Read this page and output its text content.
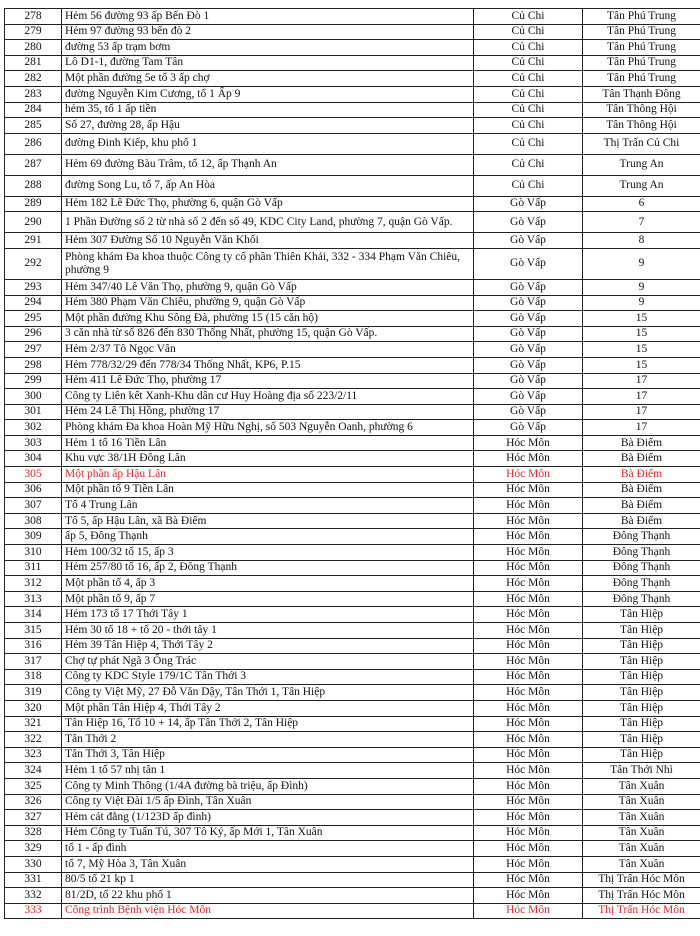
278	Hẻm 56 đường 93 ấp Bến Đò 1	Củ Chi	Tân Phú Trung
279	Hẻm 97 đường 93 bến đò 2	Củ Chi	Tân Phú Trung
280	đường 53 ấp trạm bơm	Củ Chi	Tân Phú Trung
281	Lô D1-1, đường Tam Tân	Củ Chi	Tân Phú Trung
282	Một phần đường 5e tổ 3 ấp chợ	Củ Chi	Tân Phú Trung
283	đường Nguyễn Kim Cương, tổ 1 Ấp 9	Củ Chi	Tân Thạnh Đông
284	hẻm 35, tổ 1 ấp tiền	Củ Chi	Tân Thông Hội
285	Số 27, đường 28, ấp Hậu	Củ Chi	Tân Thông Hội
286	đường Đinh Kiếp, khu phố 1	Củ Chi	Thị Trấn Củ Chi
287	Hẻm 69 đường Bàu Trâm, tổ 12, ấp Thạnh An	Củ Chi	Trung An
288	đường Song Lu, tổ 7, ấp An Hòa	Củ Chi	Trung An
289	Hẻm 182 Lê Đức Thọ, phường 6, quận Gò Vấp	Gò Vấp	6
290	1 Phần Đường số 2 từ nhà số 2 đến số 49, KDC City Land, phường 7, quận Gò Vấp.	Gò Vấp	7
291	Hẻm 307 Đường Số 10 Nguyễn Văn Khối	Gò Vấp	8
292	Phòng khám Đa khoa thuộc Công ty cổ phần Thiên Khải, 332 - 334 Phạm Văn Chiêu, phường 9	Gò Vấp	9
293	Hẻm 347/40 Lê Văn Thọ, phường 9, quận Gò Vấp	Gò Vấp	9
294	Hẻm 380 Phạm Văn Chiêu, phường 9, quận Gò Vấp	Gò Vấp	9
295	Một phần đường Khu Sông Đà, phường 15 (15 căn hộ)	Gò Vấp	15
296	3 căn nhà từ số 826 đến 830 Thống Nhất, phường 15, quận Gò Vấp.	Gò Vấp	15
297	Hẻm 2/37 Tô Ngọc Vân	Gò Vấp	15
298	Hẻm 778/32/29 đến 778/34 Thống Nhất, KP6, P.15	Gò Vấp	15
299	Hẻm 411 Lê Đức Thọ, phường 17	Gò Vấp	17
300	Công ty Liên kết Xanh-Khu dân cư Huy Hoàng địa số 223/2/11	Gò Vấp	17
301	Hẻm 24 Lê Thị Hồng, phường 17	Gò Vấp	17
302	Phòng khám Đa khoa Hoàn Mỹ Hữu Nghị, số 503 Nguyễn Oanh, phường 6	Gò Vấp	17
303	Hẻm 1 tổ 16 Tiền Lân	Hóc Môn	Bà Điểm
304	Khu vực 38/1H Đông Lân	Hóc Môn	Bà Điểm
305	Một phần ấp Hậu Lân	Hóc Môn	Bà Điểm
306	Một phần tổ 9 Tiền Lân	Hóc Môn	Bà Điểm
307	Tổ 4 Trung Lân	Hóc Môn	Bà Điểm
308	Tổ 5, ấp Hậu Lân, xã Bà Điểm	Hóc Môn	Bà Điểm
309	ấp 5, Đông Thạnh	Hóc Môn	Đông Thạnh
310	Hẻm 100/32 tổ 15, ấp 3	Hóc Môn	Đông Thạnh
311	Hẻm 257/80 tổ 16, ấp 2, Đông Thạnh	Hóc Môn	Đông Thạnh
312	Một phần tổ 4, ấp 3	Hóc Môn	Đông Thạnh
313	Một phần tổ 9, ấp 7	Hóc Môn	Đông Thạnh
314	Hẻm 173 tổ 17 Thới Tây 1	Hóc Môn	Tân Hiệp
315	Hẻm 30 tổ 18 + tổ 20 - thới tây 1	Hóc Môn	Tân Hiệp
316	Hẻm 39 Tân Hiệp 4, Thới Tây 2	Hóc Môn	Tân Hiệp
317	Chợ tự phát Ngã 3 Ông Trác	Hóc Môn	Tân Hiệp
318	Công ty KDC Style 179/1C Tân Thới 3	Hóc Môn	Tân Hiệp
319	Công ty Việt Mỹ, 27 Đỗ Văn Dậy, Tân Thới 1, Tân Hiệp	Hóc Môn	Tân Hiệp
320	Một phần Tân Hiệp 4, Thới Tây 2	Hóc Môn	Tân Hiệp
321	Tân Hiệp 16, Tổ 10 + 14, ấp Tân Thới 2, Tân Hiệp	Hóc Môn	Tân Hiệp
322	Tân Thới 2	Hóc Môn	Tân Hiệp
323	Tân Thới 3, Tân Hiệp	Hóc Môn	Tân Hiệp
324	Hẻm 1 tổ 57 nhị tân 1	Hóc Môn	Tân Thới Nhì
325	Công ty Minh Thông (1/4A đường bà triệu, ấp Đình)	Hóc Môn	Tân Xuân
326	Công ty Việt Đài 1/5 ấp Đình, Tân Xuân	Hóc Môn	Tân Xuân
327	Hẻm cát đằng (1/123D ấp đình)	Hóc Môn	Tân Xuân
328	Hẻm Công ty Tuấn Tú, 307 Tô Ký, ấp Mới 1, Tân Xuân	Hóc Môn	Tân Xuân
329	tổ 1 - ấp đình	Hóc Môn	Tân Xuân
330	tổ 7, Mỹ Hòa 3, Tân Xuân	Hóc Môn	Tân Xuân
331	80/5 tổ 21 kp 1	Hóc Môn	Thị Trấn Hóc Môn
332	81/2D, tổ 22 khu phố 1	Hóc Môn	Thị Trấn Hóc Môn
333	Công trình Bệnh viện Hóc Môn	Hóc Môn	Thị Trấn Hóc Môn
